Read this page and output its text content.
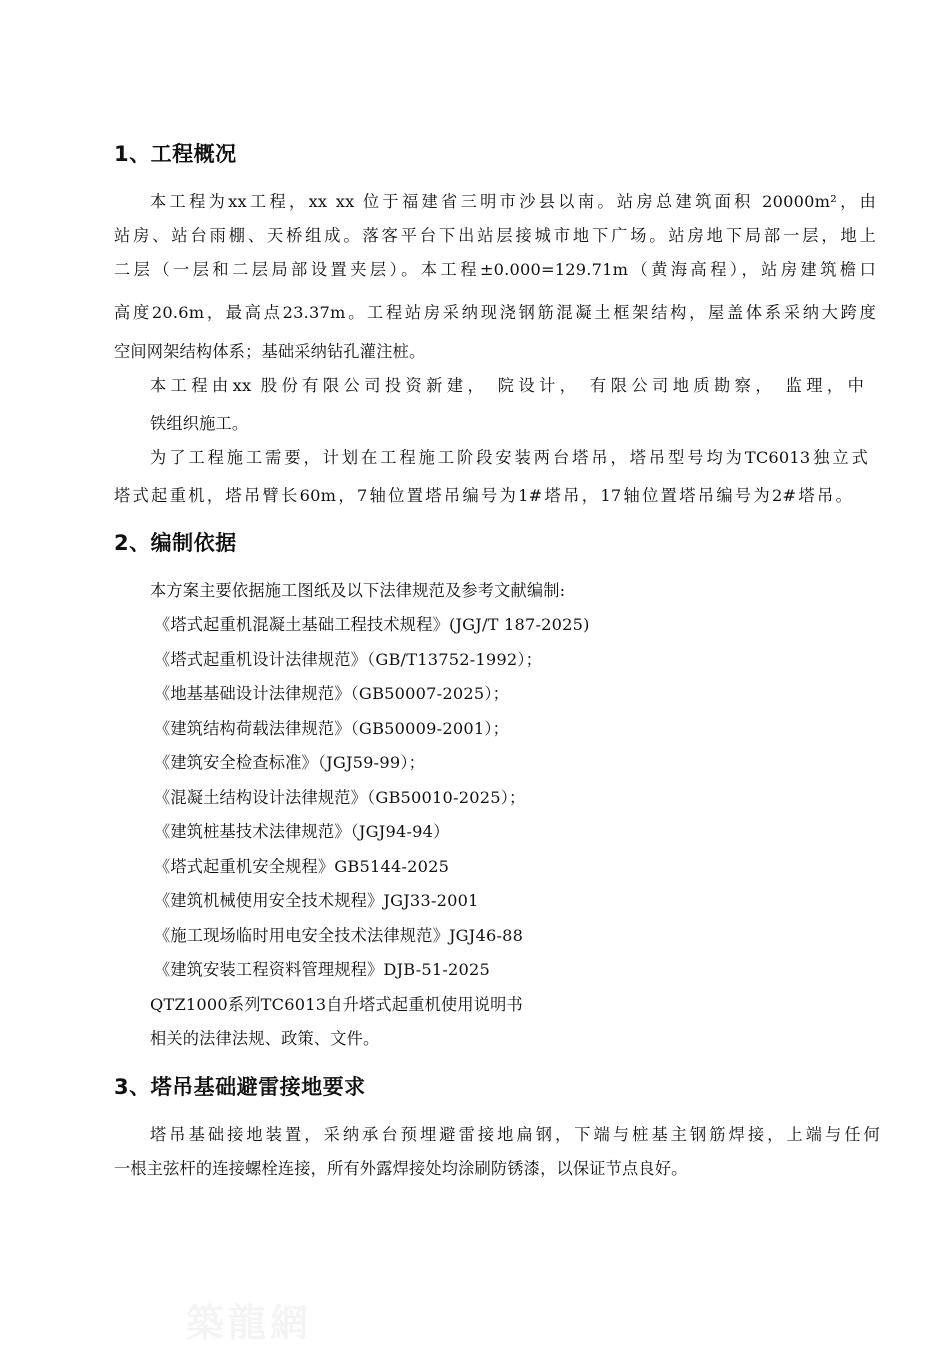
1、工程概况
本工程为xx工程，xx xx 位于福建省三明市沙县以南。站房总建筑面积 20000m²，由
站房、站台雨棚、天桥组成。落客平台下出站层接城市地下广场。站房地下局部一层，地上
二层（一层和二层局部设置夹层）。本工程±0.000=129.71m（黄海高程），站房建筑檐口
高度20.6m，最高点23.37m。工程站房采纳现浇钢筋混凝土框架结构，屋盖体系采纳大跨度
空间网架结构体系；基础采纳钻孔灌注桩。
本工程由xx 股份有限公司投资新建， 院设计， 有限公司地质勘察， 监理，中
铁组织施工。
为了工程施工需要，计划在工程施工阶段安装两台塔吊，塔吊型号均为TC6013独立式
塔式起重机，塔吊臂长60m，7轴位置塔吊编号为1#塔吊，17轴位置塔吊编号为2#塔吊。
2、编制依据
本方案主要依据施工图纸及以下法律规范及参考文献编制:
《塔式起重机混凝土基础工程技术规程》(JGJ/T 187-2025)
《塔式起重机设计法律规范》（GB/T13752-1992）；
《地基基础设计法律规范》（GB50007-2025）；
《建筑结构荷载法律规范》（GB50009-2001）；
《建筑安全检查标准》（JGJ59-99）；
《混凝土结构设计法律规范》（GB50010-2025）；
《建筑桩基技术法律规范》（JGJ94-94）
《塔式起重机安全规程》GB5144-2025
《建筑机械使用安全技术规程》JGJ33-2001
《施工现场临时用电安全技术法律规范》JGJ46-88
《建筑安装工程资料管理规程》DJB-51-2025
QTZ1000系列TC6013自升塔式起重机使用说明书
相关的法律法规、政策、文件。
3、塔吊基础避雷接地要求
塔吊基础接地装置，采纳承台预埋避雷接地扁钢，下端与桩基主钢筋焊接，上端与任何
一根主弦杆的连接螺栓连接，所有外露焊接处均涂刷防锈漆，以保证节点良好。
築龍網
